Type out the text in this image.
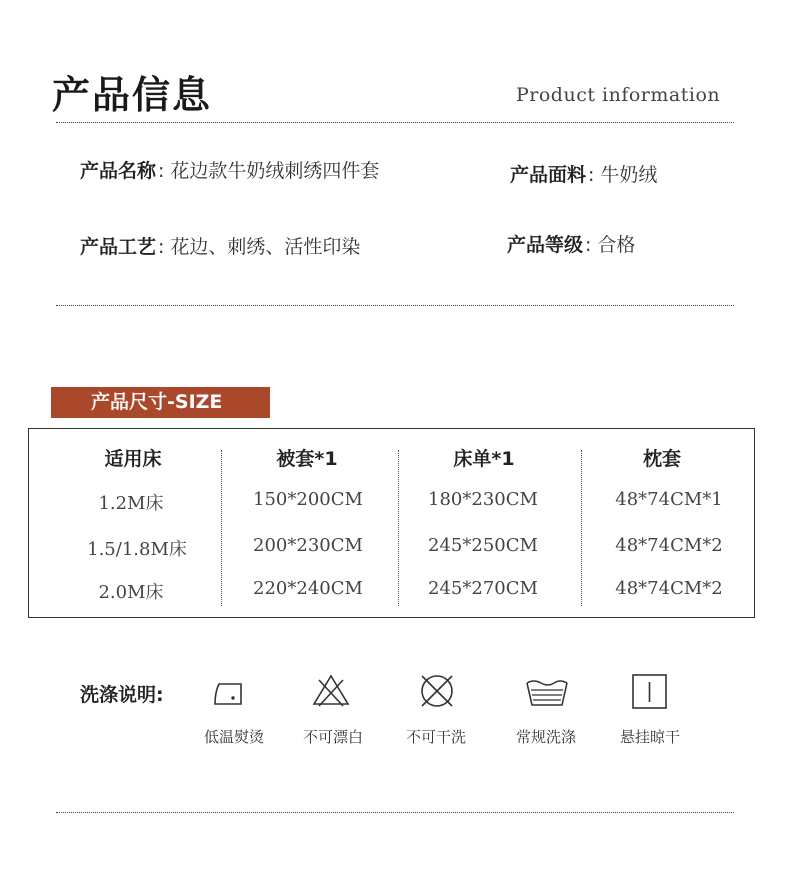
产品信息	Product information
产品名称 : 花边款牛奶绒刺绣四件套	产品面料 : 牛奶绒
产品工艺 : 花边、刺绣、活性印染	产品等级 : 合格
产品尺寸-SIZE
适用床	被套*1	床单*1	枕套
1.2M床	150*200CM	180*230CM	48*74CM*1
1.5/1.8M床	200*230CM	245*250CM	48*74CM*2
2.0M床	220*240CM	245*270CM	48*74CM*2
洗涤说明:
低温熨烫	不可漂白	不可干洗	常规洗涤	悬挂晾干
